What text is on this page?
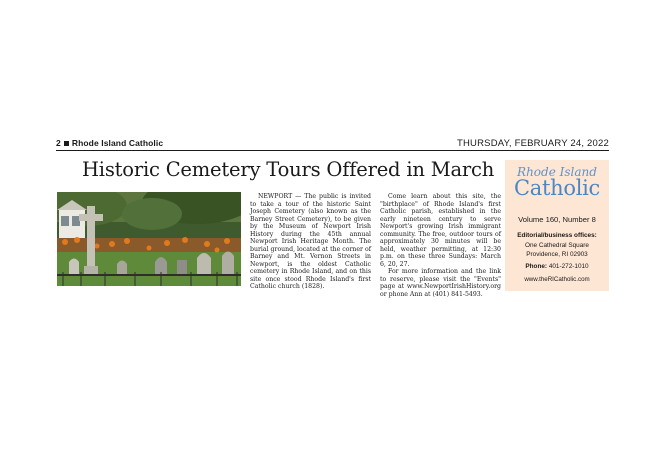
2 Rhode Island Catholic	THURSDAY, FEBRUARY 24, 2022
Historic Cemetery Tours Offered in March

NEWPORT — The public is invited to take a tour of the historic Saint Joseph Cemetery (also known as the Barney Street Cemetery), to be given by the Museum of Newport Irish History during the 45th annual Newport Irish Heritage Month. The burial ground, located at the corner of Barney and Mt. Vernon Streets in Newport, is the oldest Catholic cemetery in Rhode Island, and on this site once stood Rhode Island's first Catholic church (1828).

Come learn about this site, the "birthplace" of Rhode Island's first Catholic parish, established in the early nineteen century to serve Newport's growing Irish immigrant community. The free, outdoor tours of approximately 30 minutes will be held, weather permitting, at 12:30 p.m. on these three Sundays: March 6, 20, 27.

For more information and the link to reserve, please visit the "Events" page at www.NewportIrishHistory.org or phone Ann at (401) 841-5493.

Rhode Island
Catholic
Volume 160, Number 8
Editorial/business offices:
One Cathedral Square
Providence, RI 02903
Phone: 401-272-1010
www.theRICatholic.com
